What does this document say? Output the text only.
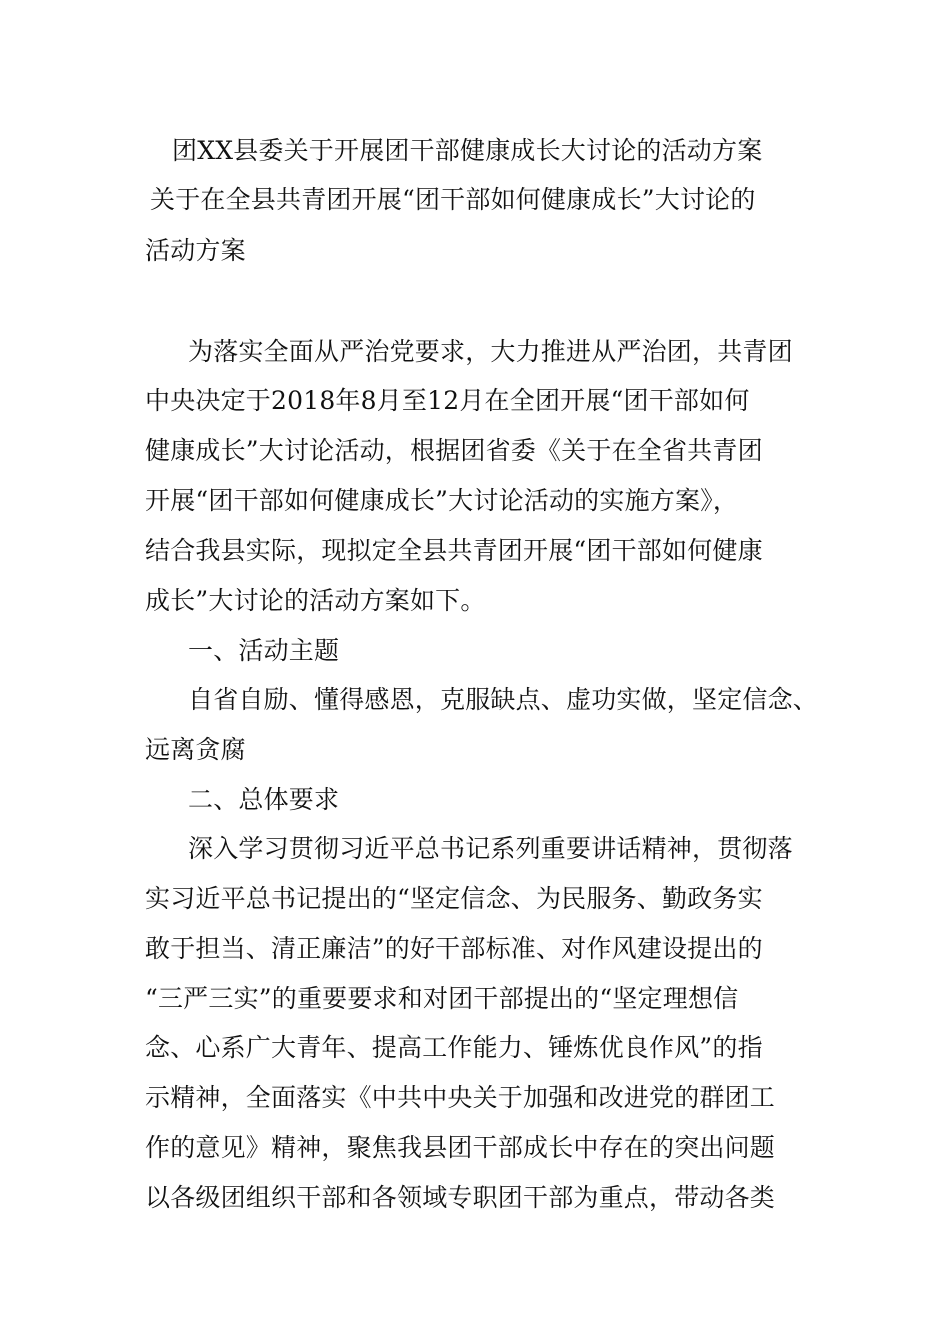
团XX县委关于开展团干部健康成长大讨论的活动方案
关于在全县共青团开展“团干部如何健康成长”大讨论的
活动方案
为落实全面从严治党要求，大力推进从严治团，共青团
中央决定于2018年8月至12月在全团开展“团干部如何
健康成长”大讨论活动，根据团省委《关于在全省共青团
开展“团干部如何健康成长”大讨论活动的实施方案》，
结合我县实际，现拟定全县共青团开展“团干部如何健康
成长”大讨论的活动方案如下。
一、活动主题
自省自励、懂得感恩，克服缺点、虚功实做，坚定信念、
远离贪腐
二、总体要求
深入学习贯彻习近平总书记系列重要讲话精神，贯彻落
实习近平总书记提出的“坚定信念、为民服务、勤政务实
敢于担当、清正廉洁”的好干部标准、对作风建设提出的
“三严三实”的重要要求和对团干部提出的“坚定理想信
念、心系广大青年、提高工作能力、锤炼优良作风”的指
示精神，全面落实《中共中央关于加强和改进党的群团工
作的意见》精神，聚焦我县团干部成长中存在的突出问题
以各级团组织干部和各领域专职团干部为重点，带动各类
